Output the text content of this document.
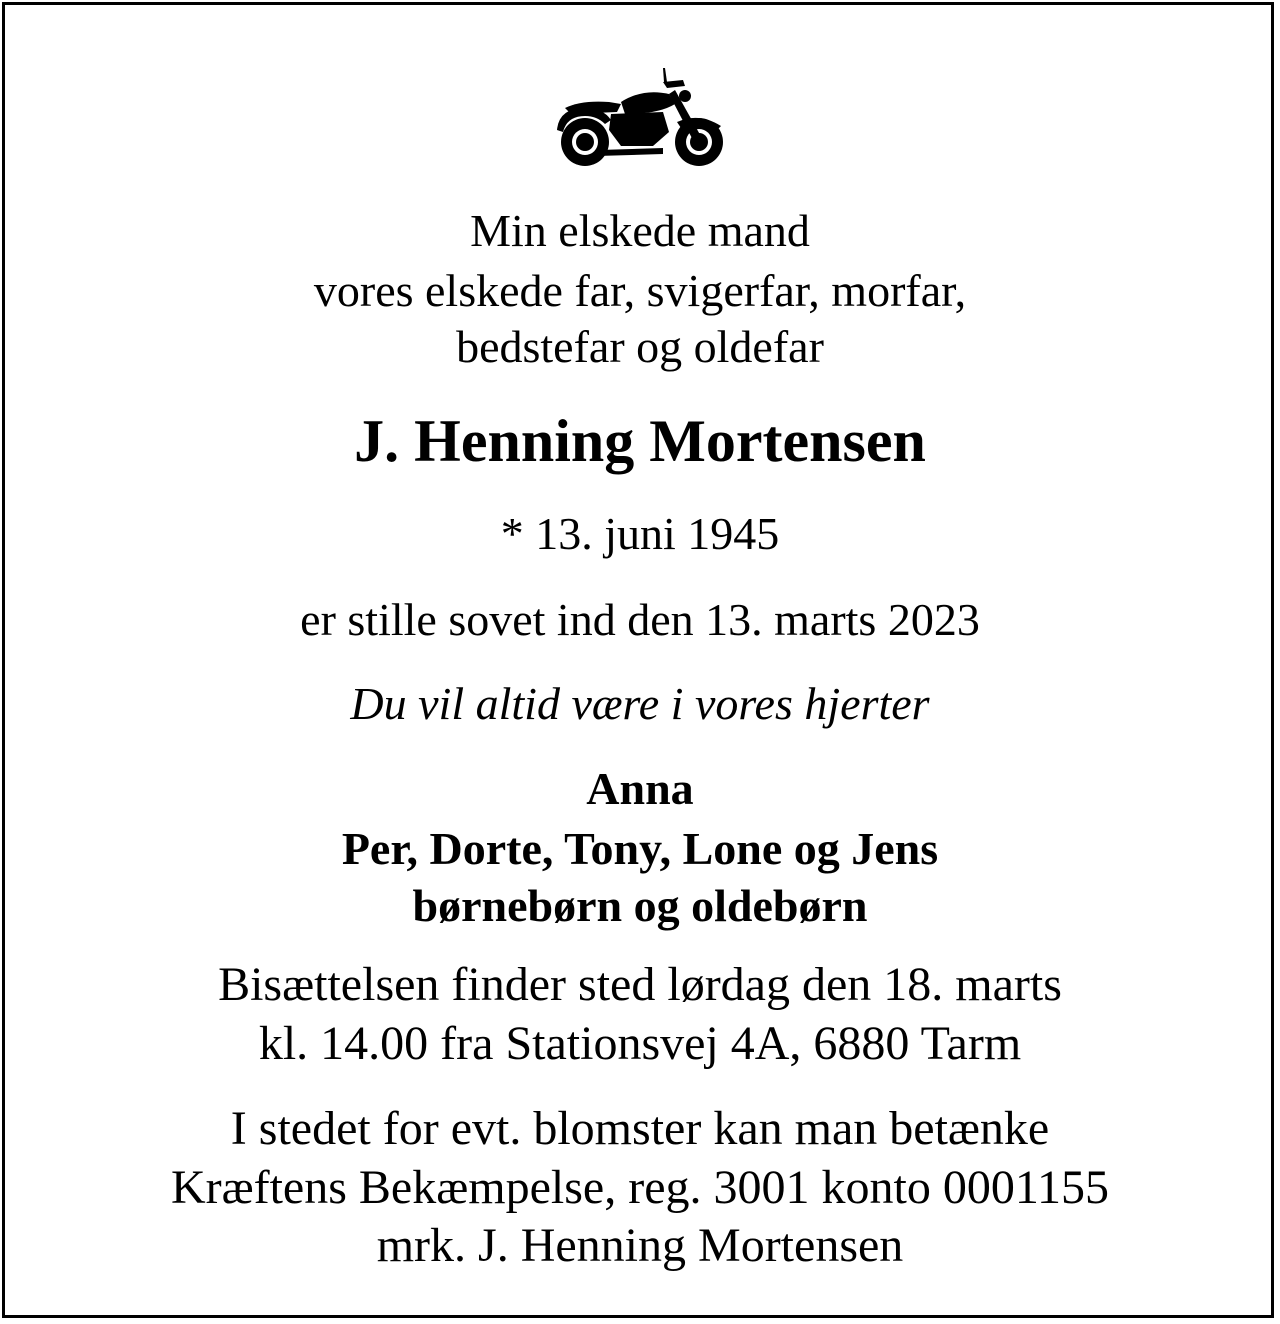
Min elskede mand
vores elskede far, svigerfar, morfar,
bedstefar og oldefar
J. Henning Mortensen
* 13. juni 1945
er stille sovet ind den 13. marts 2023
Du vil altid være i vores hjerter
Anna
Per, Dorte, Tony, Lone og Jens
børnebørn og oldebørn
Bisættelsen finder sted lørdag den 18. marts
kl. 14.00 fra Stationsvej 4A, 6880 Tarm
I stedet for evt. blomster kan man betænke
Kræftens Bekæmpelse, reg. 3001 konto 0001155
mrk. J. Henning Mortensen
